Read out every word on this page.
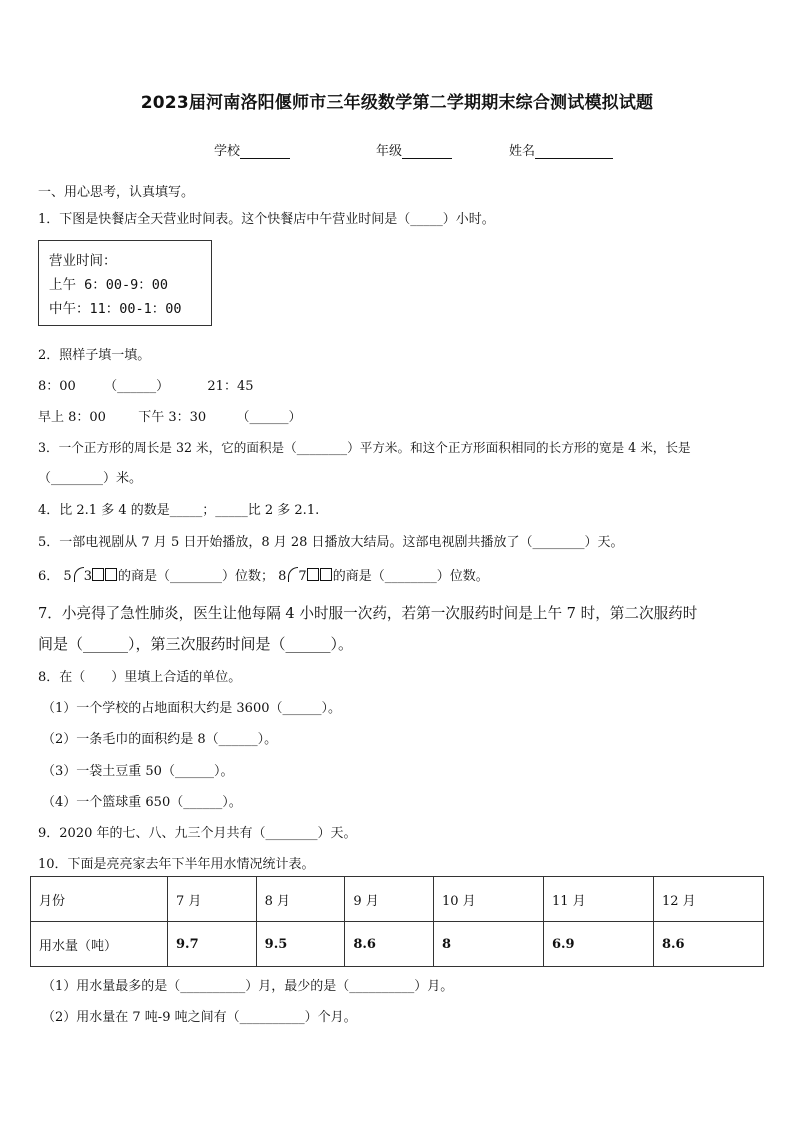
2023届河南洛阳偃师市三年级数学第二学期期末综合测试模拟试题
学校	年级	姓名
一、用心思考，认真填写。
1．下图是快餐店全天营业时间表。这个快餐店中午营业时间是（_____）小时。
营业时间：
上午 6：00-9：00
中午：11：00-1：00
2．照样子填一填。
8：00 （______）	21：45
早上 8：00 下午 3：30 （______）
3．一个正方形的周长是 32 米，它的面积是（________）平方米。和这个正方形面积相同的长方形的宽是 4 米，长是
（________）米。
4．比 2.1 多 4 的数是_____；_____比 2 多 2.1.
5．一部电视剧从 7 月 5 日开始播放，8 月 28 日播放大结局。这部电视剧共播放了（________）天。
6． 5 3 的商是（________）位数； 8 7 的商是（________）位数。
7．小亮得了急性肺炎，医生让他每隔 4 小时服一次药，若第一次服药时间是上午 7 时，第二次服药时
间是（______），第三次服药时间是（______）。
8．在（　　）里填上合适的单位。
（1）一个学校的占地面积大约是 3600（______）。
（2）一条毛巾的面积约是 8（______）。
（3）一袋土豆重 50（______）。
（4）一个篮球重 650（______）。
9．2020 年的七、八、九三个月共有（________）天。
10．下面是亮亮家去年下半年用水情况统计表。
月份	7 月	8 月	9 月	10 月	11 月	12 月
用水量（吨）	9.7	9.5	8.6	8	6.9	8.6
（1）用水量最多的是（__________）月，最少的是（__________）月。
（2）用水量在 7 吨-9 吨之间有（__________）个月。
